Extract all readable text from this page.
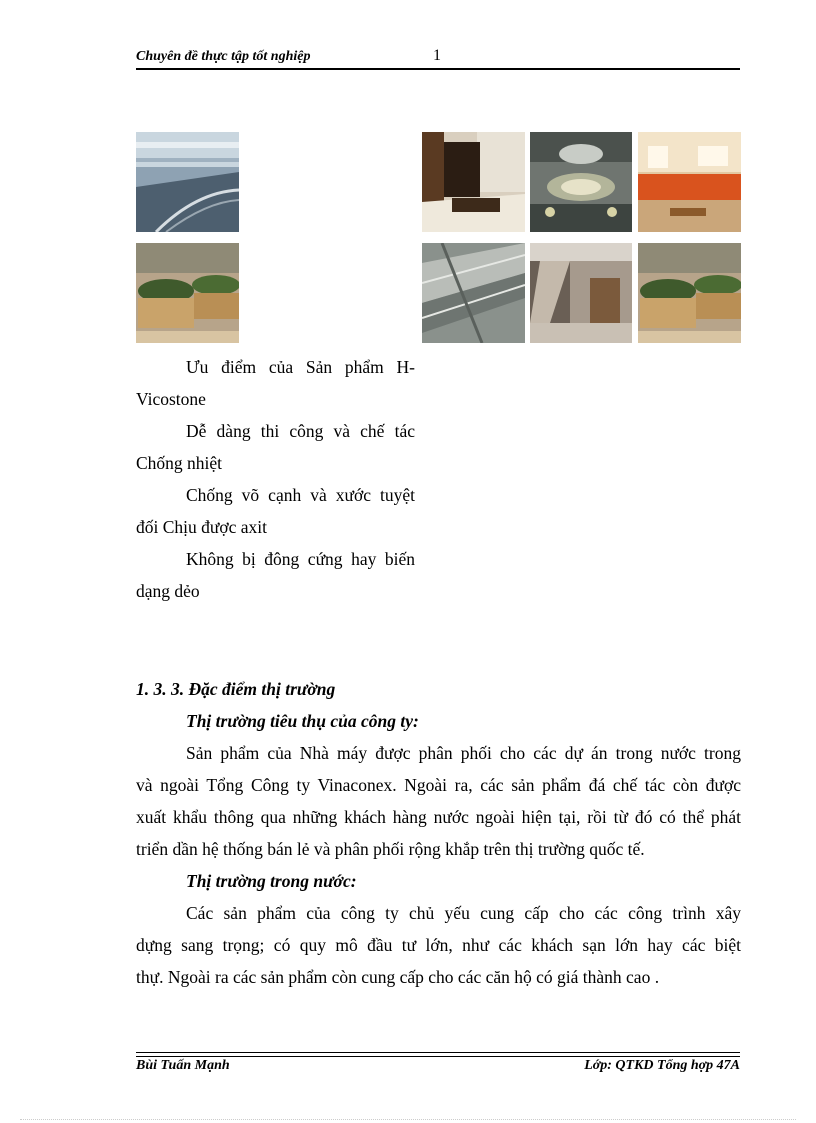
Chuyên đề thực tập tốt nghiệp	1
Ưu điểm của Sản phẩm H-
Vicostone
Dễ dàng thi công và chế tác
Chống nhiệt
Chống võ cạnh và xước tuyệt
đối Chịu được axit
Không bị đông cứng hay biến
dạng dẻo
1. 3. 3. Đặc điểm thị trường
Thị trường tiêu thụ của công ty:
Sản phẩm của Nhà máy được phân phối cho các dự án trong nước trong
và ngoài Tổng Công ty Vinaconex. Ngoài ra, các sản phẩm đá chế tác còn được
xuất khẩu thông qua những khách hàng nước ngoài hiện tại, rồi từ đó có thể phát
triển dần hệ thống bán lẻ và phân phối rộng khắp trên thị trường quốc tế.
Thị trường trong nước:
Các sản phẩm của công ty chủ yếu cung cấp cho các công trình xây
dựng sang trọng; có quy mô đầu tư lớn, như các khách sạn lớn hay các biệt
thự. Ngoài ra các sản phẩm còn cung cấp cho các căn hộ có giá thành cao .
Bùi Tuấn Mạnh	Lớp: QTKD Tổng hợp 47A
